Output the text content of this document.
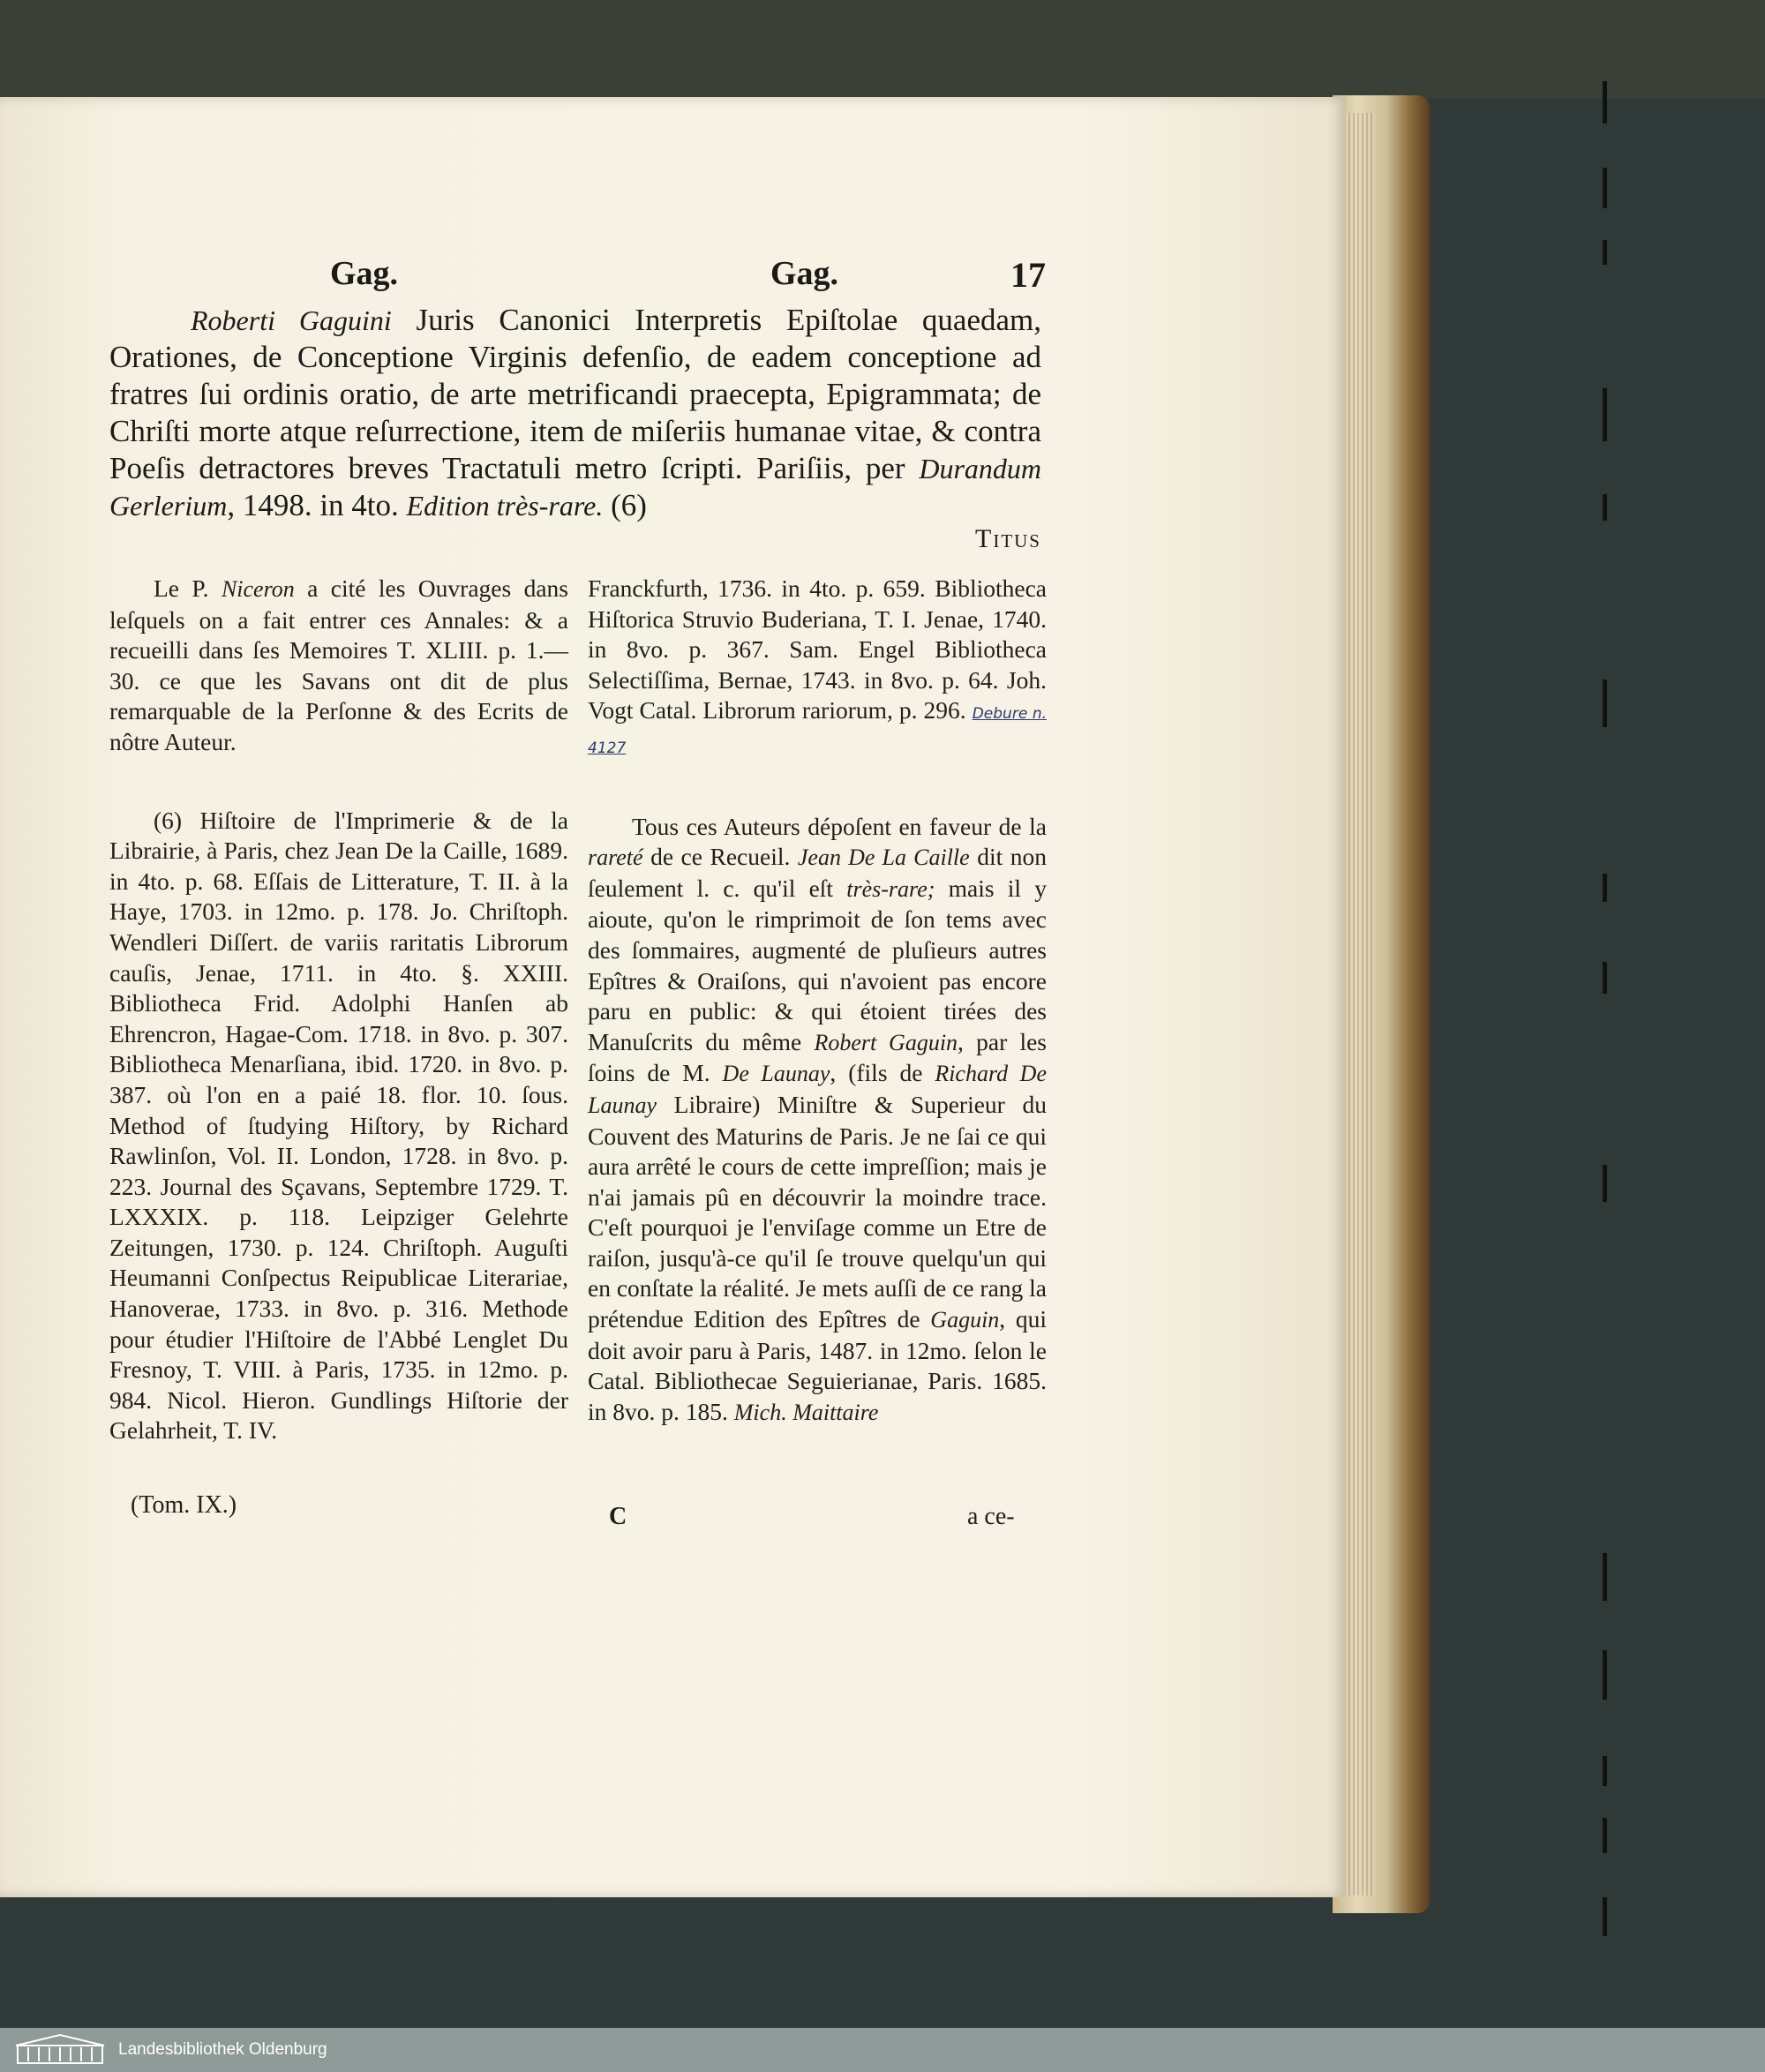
Gag.	Gag.	17
Roberti Gaguini Juris Canonici Interpretis Epiſtolae quaedam, Orationes, de Conceptione Virginis defenſio, de eadem conceptione ad fratres ſui ordinis oratio, de arte metrificandi praecepta, Epigrammata; de Chriſti morte atque reſurrectione, item de miſeriis humanae vitae, & contra Poeſis detractores breves Tractatuli metro ſcripti. Pariſiis, per Durandum Gerlerium, 1498. in 4to. Edition très-rare. (6)
Titus

Le P. Niceron a cité les Ouvrages dans leſquels on a fait entrer ces Annales: & a recueilli dans ſes Memoires T. XLIII. p. 1.—30. ce que les Savans ont dit de plus remarquable de la Perſonne & des Ecrits de nôtre Auteur.

(6) Hiſtoire de l'Imprimerie & de la Librairie, à Paris, chez Jean De la Caille, 1689. in 4to. p. 68. Eſſais de Litterature, T. II. à la Haye, 1703. in 12mo. p. 178. Jo. Chriſtoph. Wendleri Diſſert. de variis raritatis Librorum cauſis, Jenae, 1711. in 4to. §. XXIII. Bibliotheca Frid. Adolphi Hanſen ab Ehrencron, Hagae-Com. 1718. in 8vo. p. 307. Bibliotheca Menarſiana, ibid. 1720. in 8vo. p. 387. où l'on en a paié 18. flor. 10. ſous. Method of ſtudying Hiſtory, by Richard Rawlinſon, Vol. II. London, 1728. in 8vo. p. 223. Journal des Sçavans, Septembre 1729. T. LXXXIX. p. 118. Leipziger Gelehrte Zeitungen, 1730. p. 124. Chriſtoph. Auguſti Heumanni Conſpectus Reipublicae Literariae, Hanoverae, 1733. in 8vo. p. 316. Methode pour étudier l'Hiſtoire de l'Abbé Lenglet Du Fresnoy, T. VIII. à Paris, 1735. in 12mo. p. 984. Nicol. Hieron. Gundlings Hiſtorie der Gelahrheit, T. IV.

Franckfurth, 1736. in 4to. p. 659. Bibliotheca Hiſtorica Struvio Buderiana, T. I. Jenae, 1740. in 8vo. p. 367. Sam. Engel Bibliotheca Selectiſſima, Bernae, 1743. in 8vo. p. 64. Joh. Vogt Catal. Librorum rariorum, p. 296. Debure n. 4127

Tous ces Auteurs dépoſent en faveur de la rareté de ce Recueil. Jean De La Caille dit non ſeulement l. c. qu'il eſt très-rare; mais il y aioute, qu'on le rimprimoit de ſon tems avec des ſommaires, augmenté de pluſieurs autres Epîtres & Oraiſons, qui n'avoient pas encore paru en public: & qui étoient tirées des Manuſcrits du même Robert Gaguin, par les ſoins de M. De Launay, (fils de Richard De Launay Libraire) Miniſtre & Superieur du Couvent des Maturins de Paris. Je ne ſai ce qui aura arrêté le cours de cette impreſſion; mais je n'ai jamais pû en découvrir la moindre trace. C'eſt pourquoi je l'enviſage comme un Etre de raiſon, jusqu'à-ce qu'il ſe trouve quelqu'un qui en conſtate la réalité. Je mets auſſi de ce rang la prétendue Edition des Epîtres de Gaguin, qui doit avoir paru à Paris, 1487. in 12mo. ſelon le Catal. Bibliothecae Seguierianae, Paris. 1685. in 8vo. p. 185. Mich. Maittaire

(Tom. IX.)	C	a ce-
Landesbibliothek Oldenburg
